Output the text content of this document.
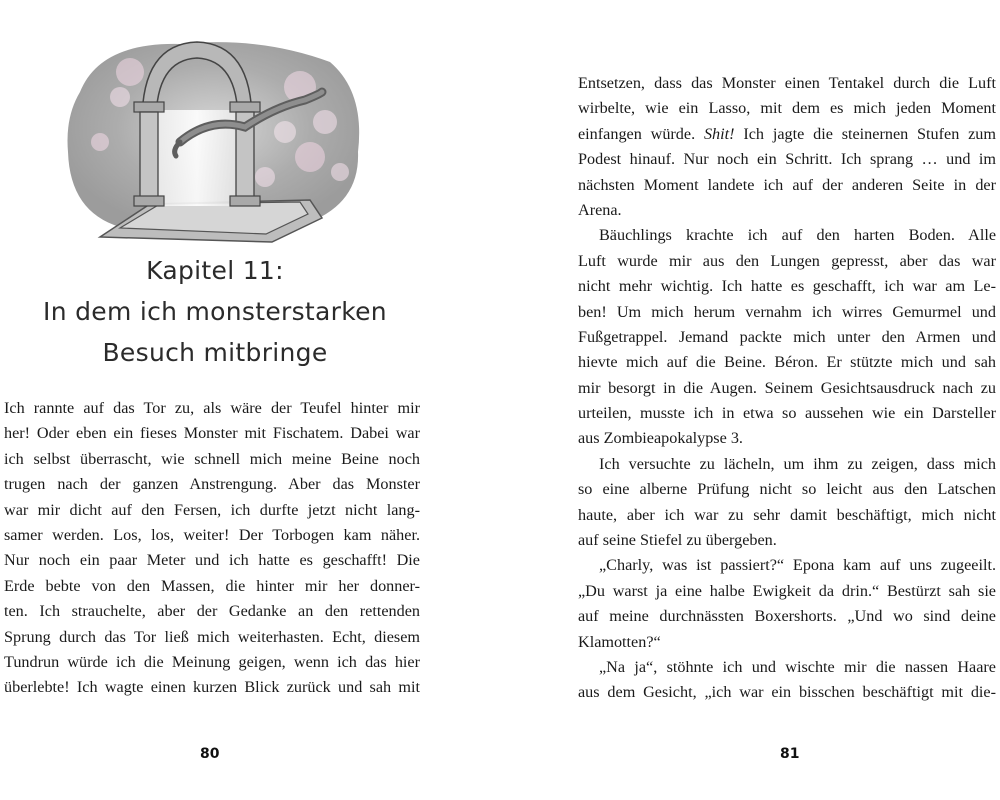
Kapitel 11:
In dem ich monsterstarken
Besuch mitbringe
Ich rannte auf das Tor zu, als wäre der Teufel hinter mir
her! Oder eben ein fieses Monster mit Fischatem. Dabei war
ich selbst überrascht, wie schnell mich meine Beine noch
trugen nach der ganzen Anstrengung. Aber das Monster
war mir dicht auf den Fersen, ich durfte jetzt nicht lang-
samer werden. Los, los, weiter! Der Torbogen kam näher.
Nur noch ein paar Meter und ich hatte es geschafft! Die
Erde bebte von den Massen, die hinter mir her donner-
ten. Ich strauchelte, aber der Gedanke an den rettenden
Sprung durch das Tor ließ mich weiterhasten. Echt, diesem
Tundrun würde ich die Meinung geigen, wenn ich das hier
überlebte! Ich wagte einen kurzen Blick zurück und sah mit
80
Entsetzen, dass das Monster einen Tentakel durch die Luft
wirbelte, wie ein Lasso, mit dem es mich jeden Moment
einfangen würde. Shit! Ich jagte die steinernen Stufen zum
Podest hinauf. Nur noch ein Schritt. Ich sprang … und im
nächsten Moment landete ich auf der anderen Seite in der
Arena.
Bäuchlings krachte ich auf den harten Boden. Alle
Luft wurde mir aus den Lungen gepresst, aber das war
nicht mehr wichtig. Ich hatte es geschafft, ich war am Le-
ben! Um mich herum vernahm ich wirres Gemurmel und
Fußgetrappel. Jemand packte mich unter den Armen und
hievte mich auf die Beine. Béron. Er stützte mich und sah
mir besorgt in die Augen. Seinem Gesichtsausdruck nach zu
urteilen, musste ich in etwa so aussehen wie ein Darsteller
aus Zombieapokalypse 3.
Ich versuchte zu lächeln, um ihm zu zeigen, dass mich
so eine alberne Prüfung nicht so leicht aus den Latschen
haute, aber ich war zu sehr damit beschäftigt, mich nicht
auf seine Stiefel zu übergeben.
„Charly, was ist passiert?“ Epona kam auf uns zugeeilt.
„Du warst ja eine halbe Ewigkeit da drin.“ Bestürzt sah sie
auf meine durchnässten Boxershorts. „Und wo sind deine
Klamotten?“
„Na ja“, stöhnte ich und wischte mir die nassen Haare
aus dem Gesicht, „ich war ein bisschen beschäftigt mit die-
81
